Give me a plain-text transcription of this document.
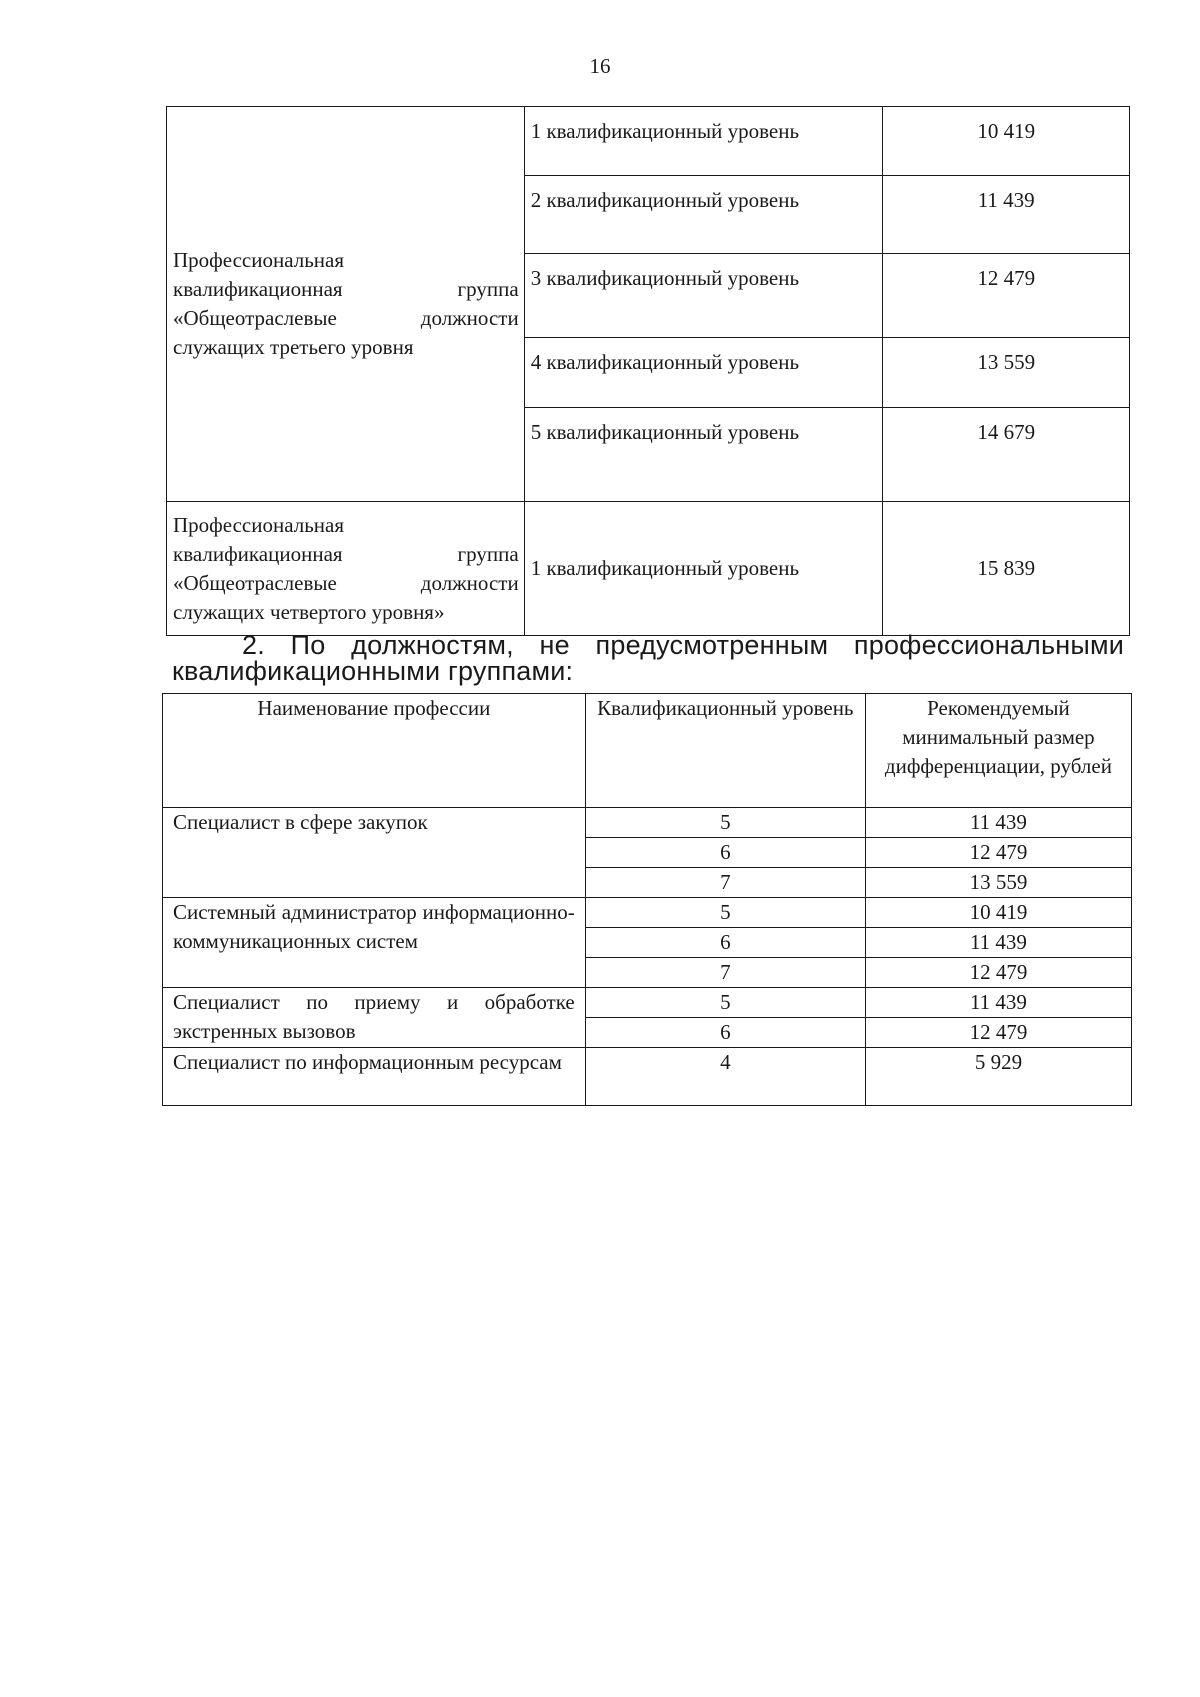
16
Профессиональная квалификационная группа «Общеотраслевые должности служащих третьего уровня	1 квалификационный уровень	10 419
	2 квалификационный уровень	11 439
	3 квалификационный уровень	12 479
	4 квалификационный уровень	13 559
	5 квалификационный уровень	14 679
Профессиональная квалификационная группа «Общеотраслевые должности служащих четвертого уровня»	1 квалификационный уровень	15 839
2. По должностям, не предусмотренным профессиональными квалификационными группами:
Наименование профессии	Квалификационный уровень	Рекомендуемый минимальный размер дифференциации, рублей
Специалист в сфере закупок	5	11 439
	6	12 479
	7	13 559
Системный администратор информационно-коммуникационных систем	5	10 419
	6	11 439
	7	12 479
Специалист по приему и обработке экстренных вызовов	5	11 439
	6	12 479
Специалист по информационным ресурсам	4	5 929
